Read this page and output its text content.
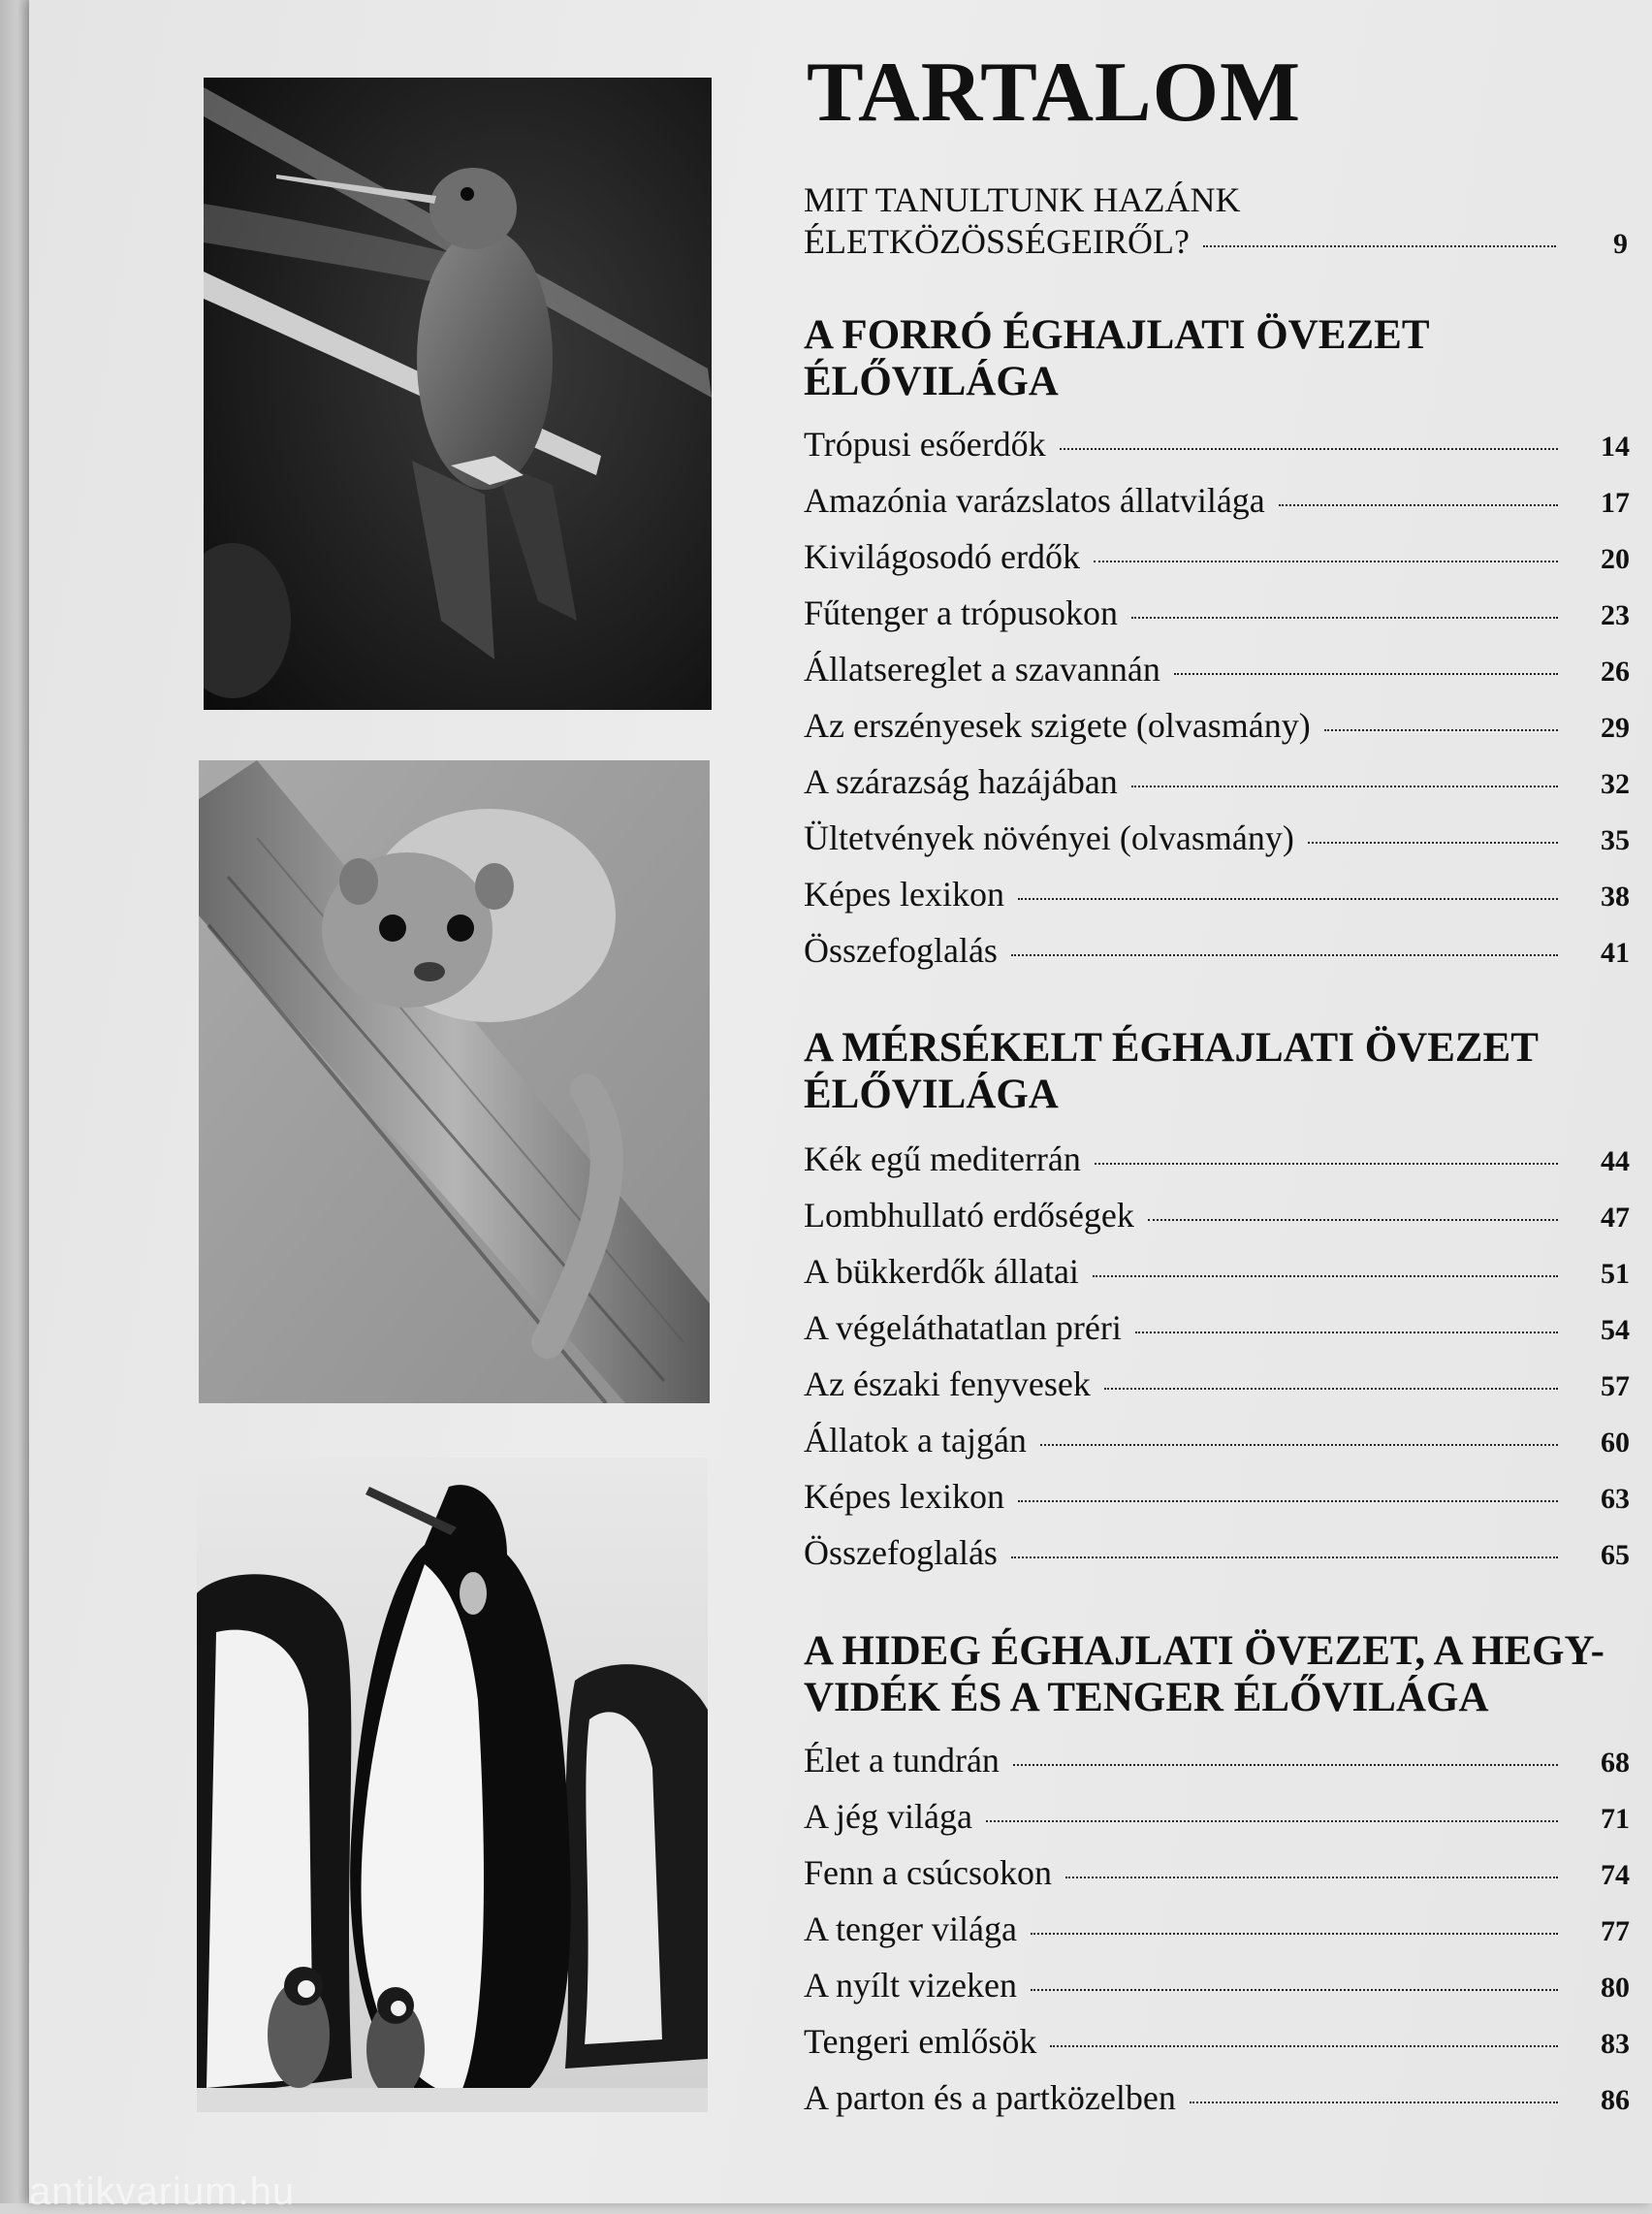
TARTALOM
MIT TANULTUNK HAZÁNK
ÉLETKÖZÖSSÉGEIRŐL?	9
A FORRÓ ÉGHAJLATI ÖVEZET
ÉLŐVILÁGA
Trópusi esőerdők	14
Amazónia varázslatos állatvilága	17
Kivilágosodó erdők	20
Fűtenger a trópusokon	23
Állatsereglet a szavannán	26
Az erszényesek szigete (olvasmány)	29
A szárazság hazájában	32
Ültetvények növényei (olvasmány)	35
Képes lexikon	38
Összefoglalás	41
A MÉRSÉKELT ÉGHAJLATI ÖVEZET
ÉLŐVILÁGA
Kék egű mediterrán	44
Lombhullató erdőségek	47
A bükkerdők állatai	51
A végeláthatatlan préri	54
Az északi fenyvesek	57
Állatok a tajgán	60
Képes lexikon	63
Összefoglalás	65
A HIDEG ÉGHAJLATI ÖVEZET, A HEGY-
VIDÉK ÉS A TENGER ÉLŐVILÁGA
Élet a tundrán	68
A jég világa	71
Fenn a csúcsokon	74
A tenger világa	77
A nyílt vizeken	80
Tengeri emlősök	83
A parton és a partközelben	86
antikvarium.hu
